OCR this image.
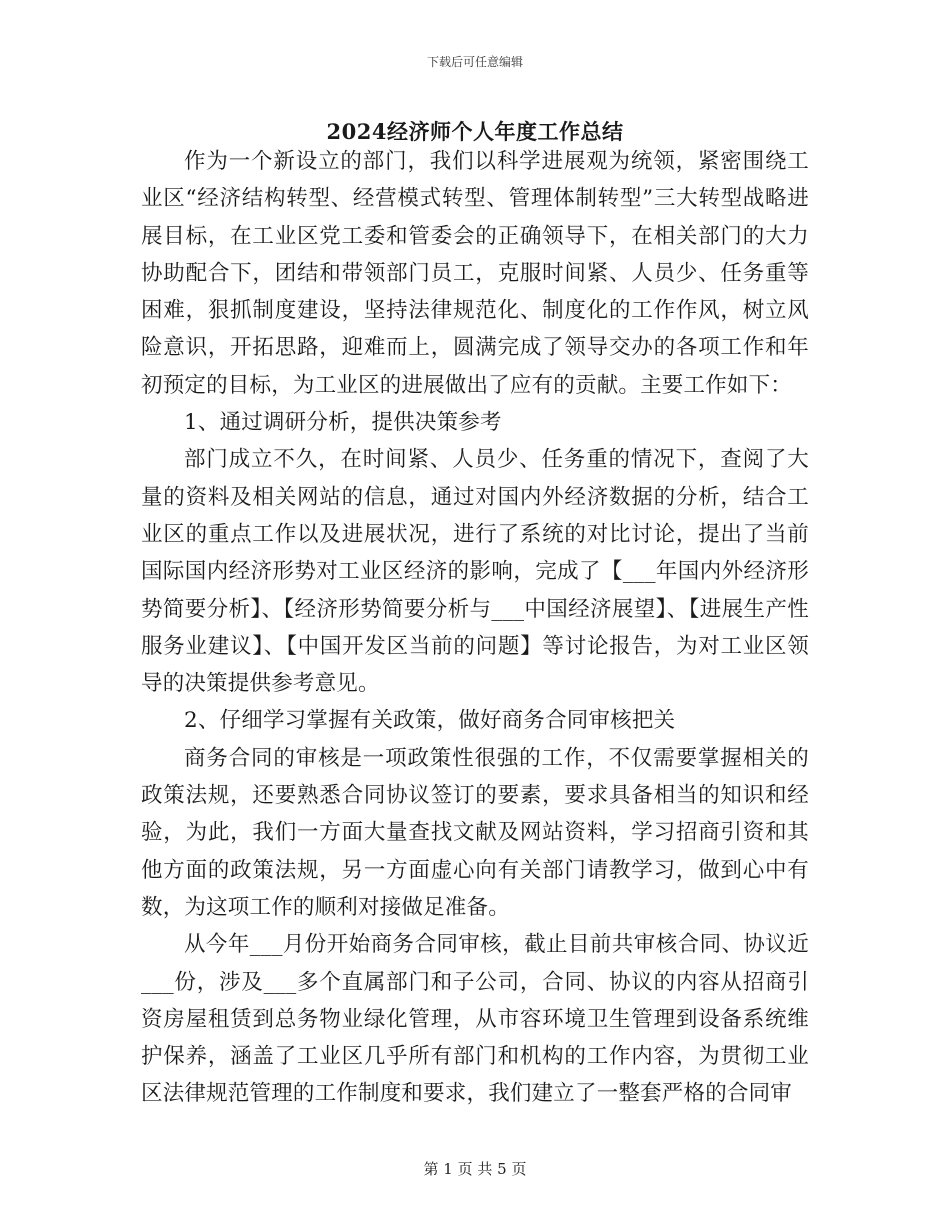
下载后可任意编辑
2024经济师个人年度工作总结

作为一个新设立的部门，我们以科学进展观为统领，紧密围绕工业区“经济结构转型、经营模式转型、管理体制转型”三大转型战略进展目标，在工业区党工委和管委会的正确领导下，在相关部门的大力协助配合下，团结和带领部门员工，克服时间紧、人员少、任务重等困难，狠抓制度建设，坚持法律规范化、制度化的工作作风，树立风险意识，开拓思路，迎难而上，圆满完成了领导交办的各项工作和年初预定的目标，为工业区的进展做出了应有的贡献。主要工作如下：

1、通过调研分析，提供决策参考

部门成立不久，在时间紧、人员少、任务重的情况下，查阅了大量的资料及相关网站的信息，通过对国内外经济数据的分析，结合工业区的重点工作以及进展状况，进行了系统的对比讨论，提出了当前国际国内经济形势对工业区经济的影响，完成了【___年国内外经济形势简要分析】、【经济形势简要分析与___中国经济展望】、【进展生产性服务业建议】、【中国开发区当前的问题】等讨论报告，为对工业区领导的决策提供参考意见。

2、仔细学习掌握有关政策，做好商务合同审核把关

商务合同的审核是一项政策性很强的工作，不仅需要掌握相关的政策法规，还要熟悉合同协议签订的要素，要求具备相当的知识和经验，为此，我们一方面大量查找文献及网站资料，学习招商引资和其他方面的政策法规，另一方面虚心向有关部门请教学习，做到心中有数，为这项工作的顺利对接做足准备。

从今年___月份开始商务合同审核，截止目前共审核合同、协议近___份，涉及___多个直属部门和子公司，合同、协议的内容从招商引资房屋租赁到总务物业绿化管理，从市容环境卫生管理到设备系统维护保养，涵盖了工业区几乎所有部门和机构的工作内容，为贯彻工业区法律规范管理的工作制度和要求，我们建立了一整套严格的合同审

第 1 页 共 5 页
